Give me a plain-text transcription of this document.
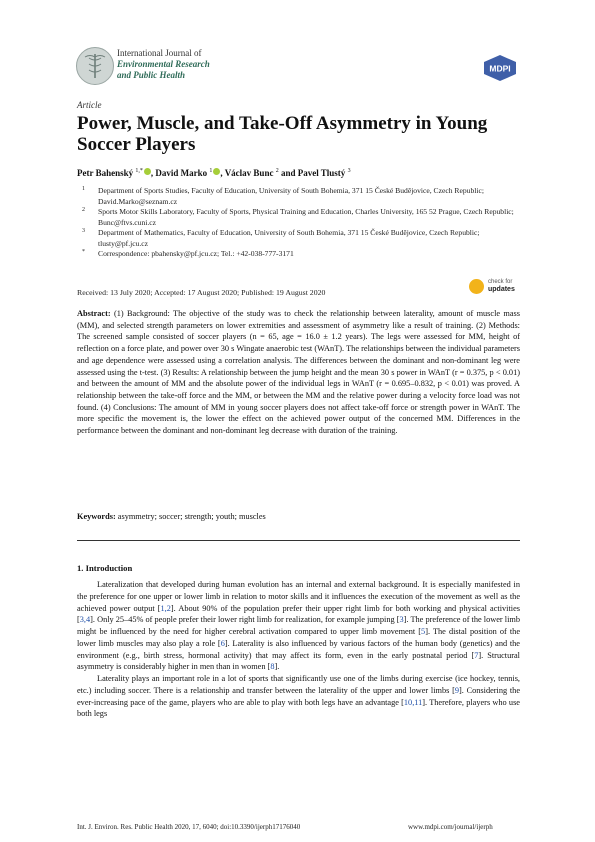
International Journal of
Environmental Research
and Public Health
MDPI
Article
Power, Muscle, and Take-Off Asymmetry in Young Soccer Players
Petr Bahenský $^{1,*}$ , David Marko $^1$ , Václav Bunc $^2$ and Pavel Tlustý $^3$
1 Department of Sports Studies, Faculty of Education, University of South Bohemia, 371 15 České Budějovice, Czech Republic; David.Marko@seznam.cz
2 Sports Motor Skills Laboratory, Faculty of Sports, Physical Training and Education, Charles University, 165 52 Prague, Czech Republic; Bunc@ftvs.cuni.cz
3 Department of Mathematics, Faculty of Education, University of South Bohemia, 371 15 České Budějovice, Czech Republic; tlusty@pf.jcu.cz
* Correspondence: pbahensky@pf.jcu.cz; Tel.: +42-038-777-3171
Received: 13 July 2020; Accepted: 17 August 2020; Published: 19 August 2020
check for
updates
Abstract: (1) Background: The objective of the study was to check the relationship between laterality, amount of muscle mass (MM), and selected strength parameters on lower extremities and assessment of asymmetry like a result of training. (2) Methods: The screened sample consisted of soccer players (n = 65, age = 16.0 ± 1.2 years). The legs were assessed for MM, height of reflection on a force plate, and power over 30 s Wingate anaerobic test (WAnT). The relationships between the individual parameters and age dependence were assessed using a correlation analysis. The differences between the dominant and non-dominant leg were assessed using the t-test. (3) Results: A relationship between the jump height and the mean 30 s power in WAnT (r = 0.375, p < 0.01) and between the amount of MM and the absolute power of the individual legs in WAnT (r = 0.695–0.832, p < 0.01) was proved. A relationship between the take-off force and the MM, or between the MM and the relative power during a velocity force load was not found. (4) Conclusions: The amount of MM in young soccer players does not affect take-off force or strength power in WAnT. The more specific the movement is, the lower the effect on the achieved power output of the concerned MM. Differences in the performance between the dominant and non-dominant leg decrease with duration of the training.
Keywords: asymmetry; soccer; strength; youth; muscles
1. Introduction

Lateralization that developed during human evolution has an internal and external background. It is especially manifested in the preference for one upper or lower limb in relation to motor skills and it influences the execution of the movement as well as the achieved power output [1,2]. About 90% of the population prefer their upper right limb for both working and physical activities [3,4]. Only 25–45% of people prefer their lower right limb for realization, for example jumping [3]. The preference of the lower limb might be influenced by the need for higher cerebral activation compared to upper limb movement [5]. The distal position of the lower limb muscles may also play a role [6]. Laterality is also influenced by various factors of the human body (genetics) and the environment (e.g., birth stress, hormonal activity) that may affect its form, even in the early postnatal period [7]. Structural asymmetry is considerably higher in men than in women [8].

Laterality plays an important role in a lot of sports that significantly use one of the limbs during exercise (ice hockey, tennis, etc.) including soccer. There is a relationship and transfer between the laterality of the upper and lower limbs [9]. Considering the ever-increasing pace of the game, players who are able to play with both legs have an advantage [10,11]. Therefore, players who use both legs

Int. J. Environ. Res. Public Health 2020, 17, 6040; doi:10.3390/ijerph17176040	www.mdpi.com/journal/ijerph
